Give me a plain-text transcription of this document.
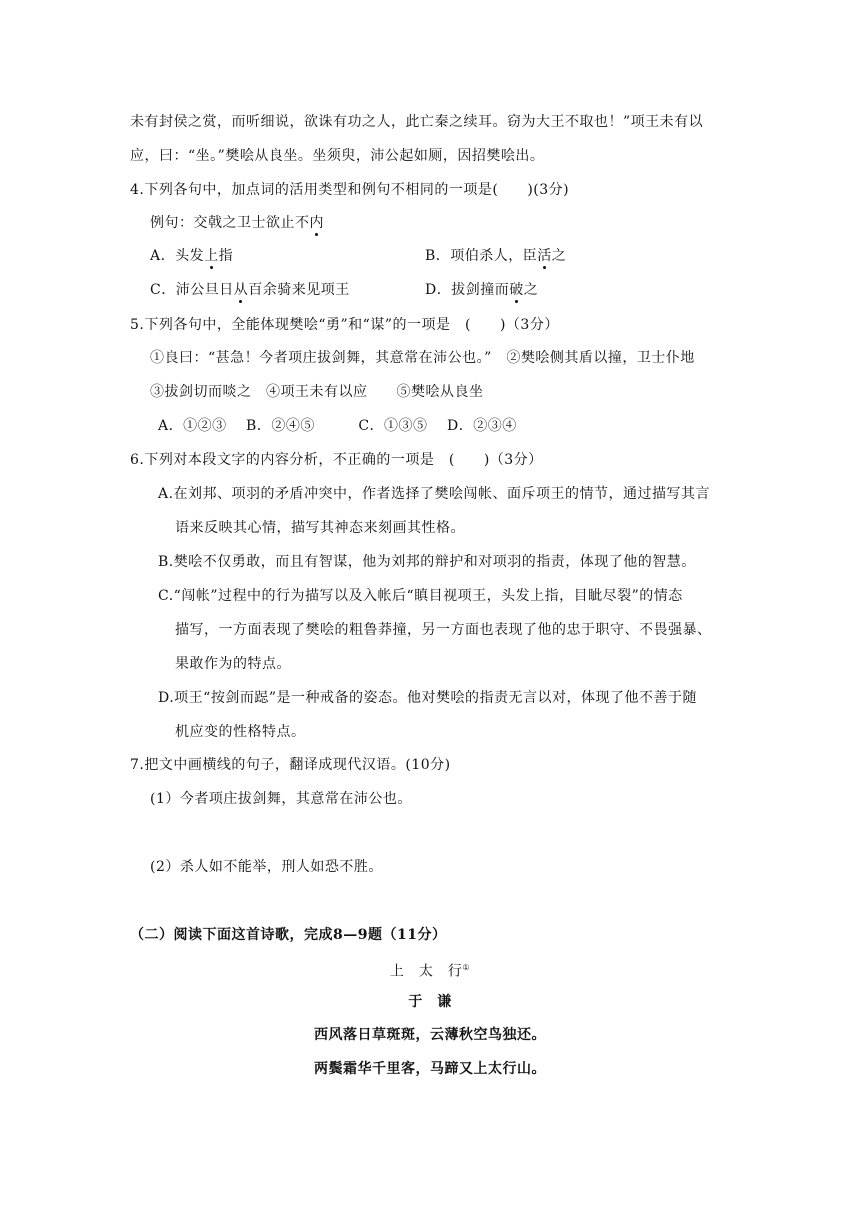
未有封侯之赏，而听细说，欲诛有功之人，此亡秦之续耳。窃为大王不取也！”项王未有以
应，曰：“坐。”樊哙从良坐。坐须臾，沛公起如厕，因招樊哙出。
4.下列各句中，加点词的活用类型和例句不相同的一项是(　　)(3分)
例句：交戟之卫士欲止不内
A．头发上指	B．项伯杀人，臣活之
C．沛公旦日从百余骑来见项王	D．拔剑撞而破之
5.下列各句中，全能体现樊哙“勇”和“谋”的一项是　(　　)（3分）
①良曰：“甚急！今者项庄拔剑舞，其意常在沛公也。”　②樊哙侧其盾以撞，卫士仆地
③拔剑切而啖之　④项王未有以应　　⑤樊哙从良坐
A．①②③　 B．②④⑤　　　C．①③⑤　 D．②③④
6.下列对本段文字的内容分析，不正确的一项是　(　　)（3分）
A.在刘邦、项羽的矛盾冲突中，作者选择了樊哙闯帐、面斥项王的情节，通过描写其言
语来反映其心情，描写其神态来刻画其性格。
B.樊哙不仅勇敢，而且有智谋，他为刘邦的辩护和对项羽的指责，体现了他的智慧。
C.“闯帐”过程中的行为描写以及入帐后“瞋目视项王，头发上指，目眦尽裂”的情态
描写，一方面表现了樊哙的粗鲁莽撞，另一方面也表现了他的忠于职守、不畏强暴、
果敢作为的特点。
D.项王“按剑而跽”是一种戒备的姿态。他对樊哙的指责无言以对，体现了他不善于随
机应变的性格特点。
7.把文中画横线的句子，翻译成现代汉语。(10分)
(1）今者项庄拔剑舞，其意常在沛公也。
(2）杀人如不能举，刑人如恐不胜。
（二）阅读下面这首诗歌，完成8—9题（11分）
上　太　行①
于　谦
西风落日草斑斑，云薄秋空鸟独还。
两鬓霜华千里客，马蹄又上太行山。
